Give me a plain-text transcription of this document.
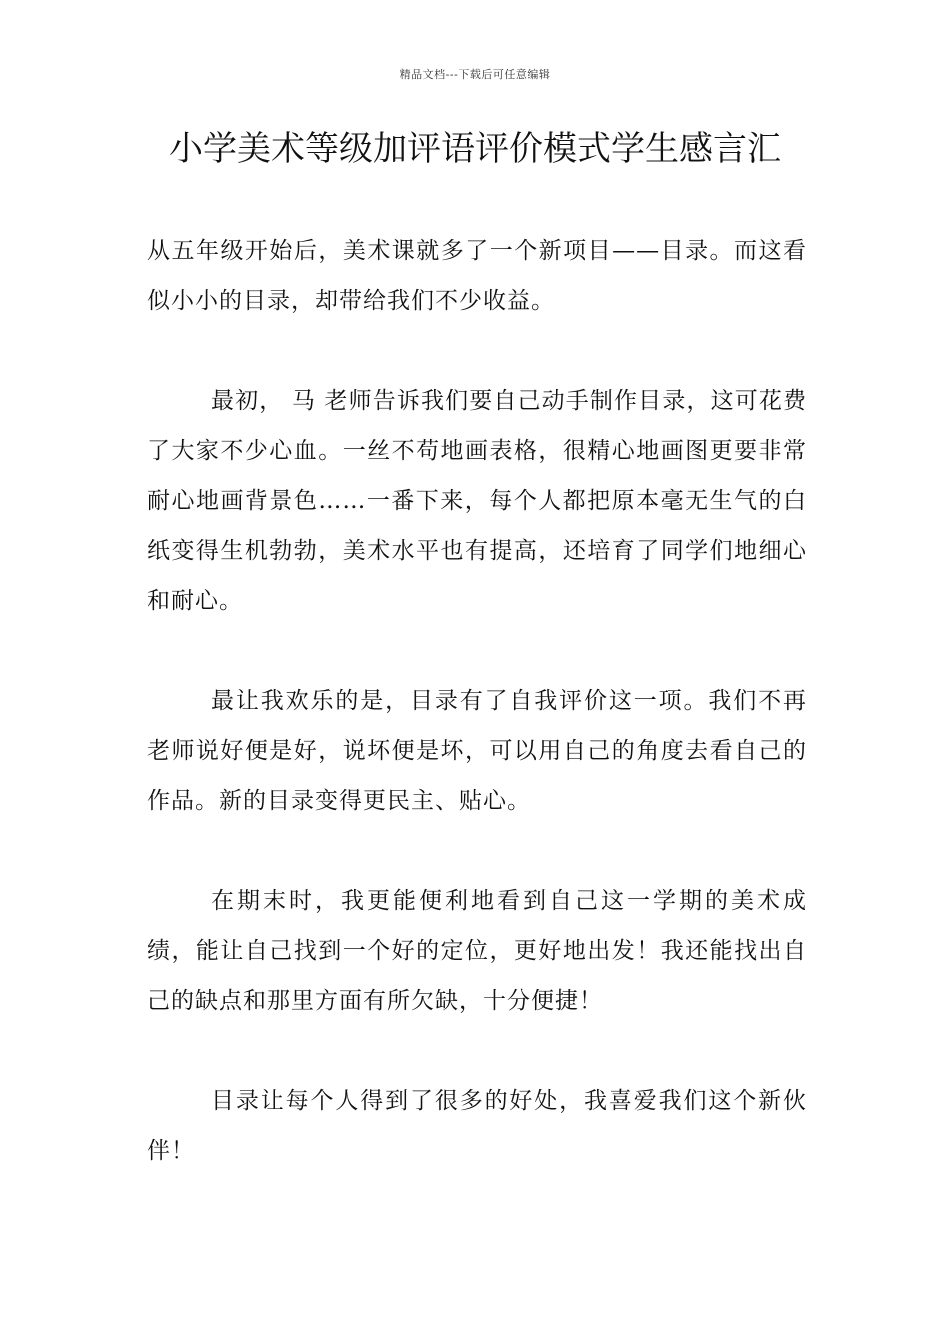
精品文档---下载后可任意编辑
小学美术等级加评语评价模式学生感言汇

从五年级开始后，美术课就多了一个新项目——目录。而这看似小小的目录，却带给我们不少收益。

最初， 马 老师告诉我们要自己动手制作目录，这可花费了大家不少心血。一丝不苟地画表格，很精心地画图更要非常耐心地画背景色……一番下来，每个人都把原本毫无生气的白纸变得生机勃勃，美术水平也有提高，还培育了同学们地细心和耐心。

最让我欢乐的是，目录有了自我评价这一项。我们不再老师说好便是好，说坏便是坏，可以用自己的角度去看自己的作品。新的目录变得更民主、贴心。

在期末时，我更能便利地看到自己这一学期的美术成绩，能让自己找到一个好的定位，更好地出发！我还能找出自己的缺点和那里方面有所欠缺，十分便捷！

目录让每个人得到了很多的好处，我喜爱我们这个新伙伴！
